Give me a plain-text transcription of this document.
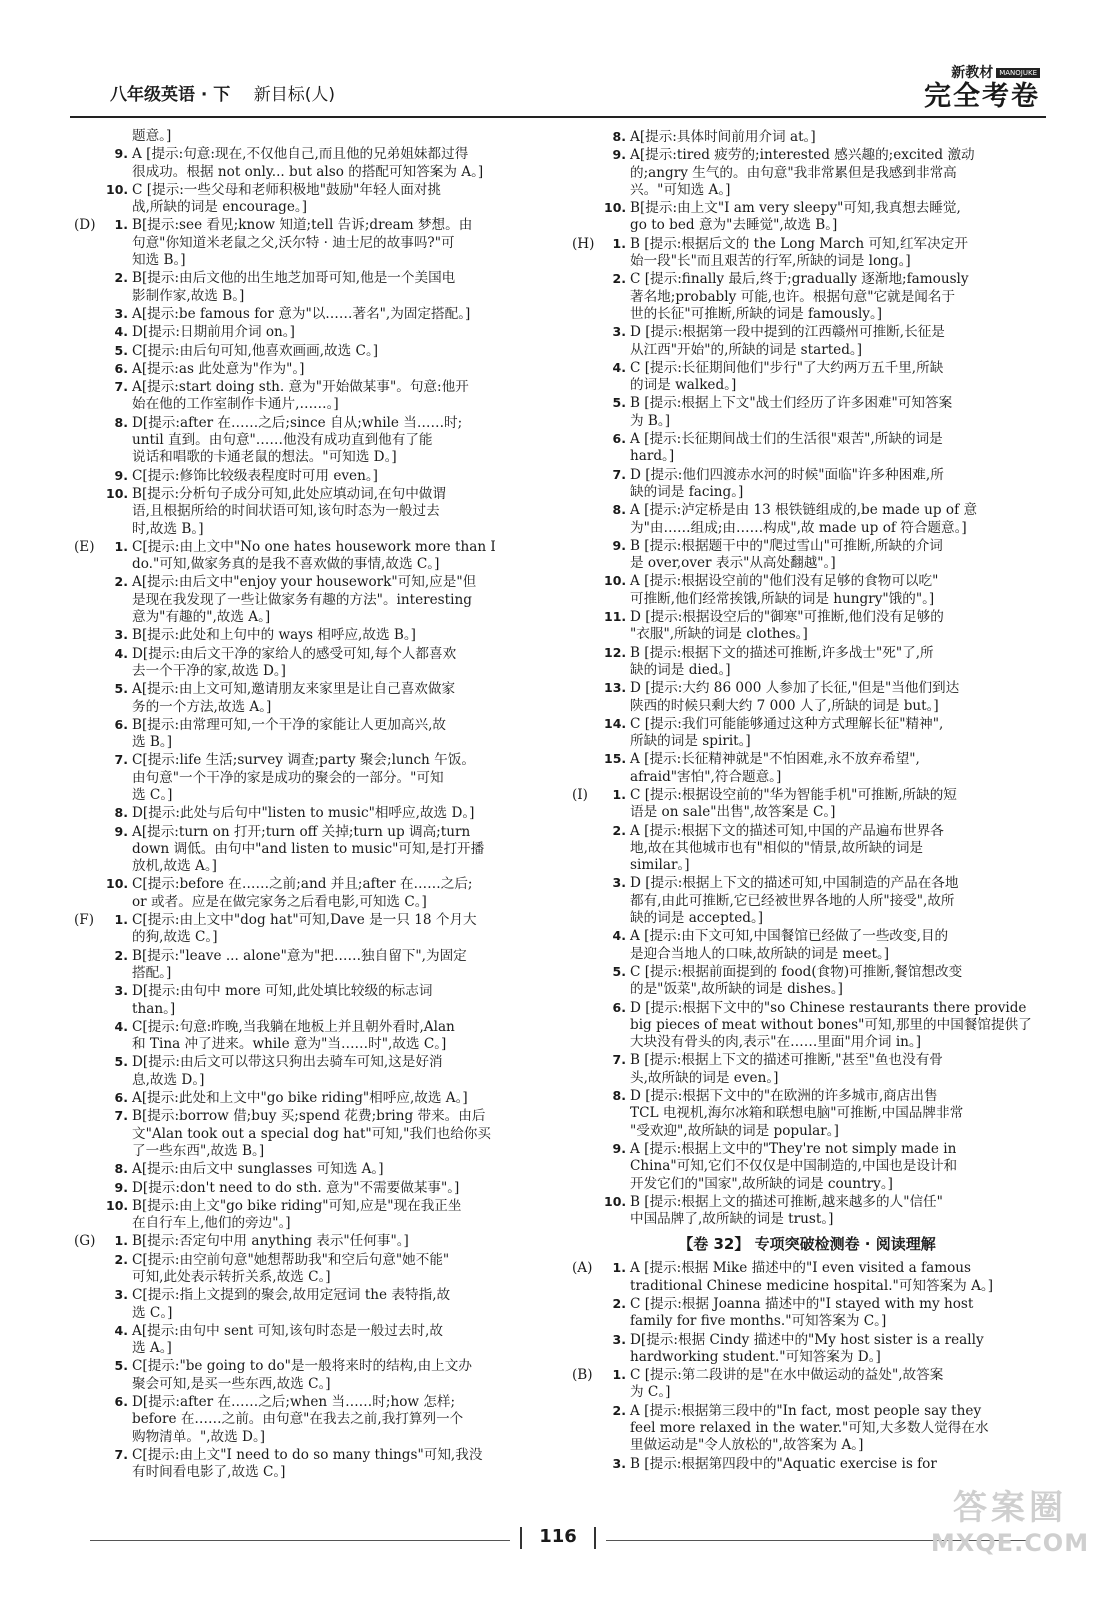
八年级英语 · 下 新目标(人)
新教材 MANOJUKE
完全考卷
题意。]
9. A [提示:句意:现在,不仅他自己,而且他的兄弟姐妹都过得
很成功。根据 not only... but also 的搭配可知答案为 A。]
10. C [提示:一些父母和老师积极地"鼓励"年轻人面对挑
战,所缺的词是 encourage。]
(D) 1. B[提示:see 看见;know 知道;tell 告诉;dream 梦想。由
句意"你知道米老鼠之父,沃尔特 · 迪士尼的故事吗?"可
知选 B。]
2. B[提示:由后文他的出生地芝加哥可知,他是一个美国电
影制作家,故选 B。]
3. A[提示:be famous for 意为"以……著名",为固定搭配。]
4. D[提示:日期前用介词 on。]
5. C[提示:由后句可知,他喜欢画画,故选 C。]
6. A[提示:as 此处意为"作为"。]
7. A[提示:start doing sth. 意为"开始做某事"。句意:他开
始在他的工作室制作卡通片,……。]
8. D[提示:after 在……之后;since 自从;while 当……时;
until 直到。由句意"……他没有成功直到他有了能
说话和唱歌的卡通老鼠的想法。"可知选 D。]
9. C[提示:修饰比较级表程度时可用 even。]
10. B[提示:分析句子成分可知,此处应填动词,在句中做谓
语,且根据所给的时间状语可知,该句时态为一般过去
时,故选 B。]
(E) 1. C[提示:由上文中"No one hates housework more than I
do."可知,做家务真的是我不喜欢做的事情,故选 C。]
2. A[提示:由后文中"enjoy your housework"可知,应是"但
是现在我发现了一些让做家务有趣的方法"。interesting
意为"有趣的",故选 A。]
3. B[提示:此处和上句中的 ways 相呼应,故选 B。]
4. D[提示:由后文干净的家给人的感受可知,每个人都喜欢
去一个干净的家,故选 D。]
5. A[提示:由上文可知,邀请朋友来家里是让自己喜欢做家
务的一个方法,故选 A。]
6. B[提示:由常理可知,一个干净的家能让人更加高兴,故
选 B。]
7. C[提示:life 生活;survey 调查;party 聚会;lunch 午饭。
由句意"一个干净的家是成功的聚会的一部分。"可知
选 C。]
8. D[提示:此处与后句中"listen to music"相呼应,故选 D。]
9. A[提示:turn on 打开;turn off 关掉;turn up 调高;turn
down 调低。由句中"and listen to music"可知,是打开播
放机,故选 A。]
10. C[提示:before 在……之前;and 并且;after 在……之后;
or 或者。应是在做完家务之后看电影,可知选 C。]
(F) 1. C[提示:由上文中"dog hat"可知,Dave 是一只 18 个月大
的狗,故选 C。]
2. B[提示:"leave ... alone"意为"把……独自留下",为固定
搭配。]
3. D[提示:由句中 more 可知,此处填比较级的标志词
than。]
4. C[提示:句意:昨晚,当我躺在地板上并且朝外看时,Alan
和 Tina 冲了进来。while 意为"当……时",故选 C。]
5. D[提示:由后文可以带这只狗出去骑车可知,这是好消
息,故选 D。]
6. A[提示:此处和上文中"go bike riding"相呼应,故选 A。]
7. B[提示:borrow 借;buy 买;spend 花费;bring 带来。由后
文"Alan took out a special dog hat"可知,"我们也给你买
了一些东西",故选 B。]
8. A[提示:由后文中 sunglasses 可知选 A。]
9. D[提示:don't need to do sth. 意为"不需要做某事"。]
10. B[提示:由上文"go bike riding"可知,应是"现在我正坐
在自行车上,他们的旁边"。]
(G) 1. B[提示:否定句中用 anything 表示"任何事"。]
2. C[提示:由空前句意"她想帮助我"和空后句意"她不能"
可知,此处表示转折关系,故选 C。]
3. C[提示:指上文提到的聚会,故用定冠词 the 表特指,故
选 C。]
4. A[提示:由句中 sent 可知,该句时态是一般过去时,故
选 A。]
5. C[提示:"be going to do"是一般将来时的结构,由上文办
聚会可知,是买一些东西,故选 C。]
6. D[提示:after 在……之后;when 当……时;how 怎样;
before 在……之前。由句意"在我去之前,我打算列一个
购物清单。",故选 D。]
7. C[提示:由上文"I need to do so many things"可知,我没
有时间看电影了,故选 C。]
8. A[提示:具体时间前用介词 at。]
9. A[提示:tired 疲劳的;interested 感兴趣的;excited 激动
的;angry 生气的。由句意"我非常累但是我感到非常高
兴。"可知选 A。]
10. B[提示:由上文"I am very sleepy"可知,我真想去睡觉,
go to bed 意为"去睡觉",故选 B。]
(H) 1. B [提示:根据后文的 the Long March 可知,红军决定开
始一段"长"而且艰苦的行军,所缺的词是 long。]
2. C [提示:finally 最后,终于;gradually 逐渐地;famously
著名地;probably 可能,也许。根据句意"它就是闻名于
世的长征"可推断,所缺的词是 famously。]
3. D [提示:根据第一段中提到的江西赣州可推断,长征是
从江西"开始"的,所缺的词是 started。]
4. C [提示:长征期间他们"步行"了大约两万五千里,所缺
的词是 walked。]
5. B [提示:根据上下文"战士们经历了许多困难"可知答案
为 B。]
6. A [提示:长征期间战士们的生活很"艰苦",所缺的词是
hard。]
7. D [提示:他们四渡赤水河的时候"面临"许多种困难,所
缺的词是 facing。]
8. A [提示:泸定桥是由 13 根铁链组成的,be made up of 意
为"由……组成;由……构成",故 made up of 符合题意。]
9. B [提示:根据题干中的"爬过雪山"可推断,所缺的介词
是 over,over 表示"从高处翻越"。]
10. A [提示:根据设空前的"他们没有足够的食物可以吃"
可推断,他们经常挨饿,所缺的词是 hungry"饿的"。]
11. D [提示:根据设空后的"御寒"可推断,他们没有足够的
"衣服",所缺的词是 clothes。]
12. B [提示:根据下文的描述可推断,许多战士"死"了,所
缺的词是 died。]
13. D [提示:大约 86 000 人参加了长征,"但是"当他们到达
陕西的时候只剩大约 7 000 人了,所缺的词是 but。]
14. C [提示:我们可能能够通过这种方式理解长征"精神",
所缺的词是 spirit。]
15. A [提示:长征精神就是"不怕困难,永不放弃希望",
afraid"害怕",符合题意。]
(I) 1. C [提示:根据设空前的"华为智能手机"可推断,所缺的短
语是 on sale"出售",故答案是 C。]
2. A [提示:根据下文的描述可知,中国的产品遍布世界各
地,故在其他城市也有"相似的"情景,故所缺的词是
similar。]
3. D [提示:根据上下文的描述可知,中国制造的产品在各地
都有,由此可推断,它已经被世界各地的人所"接受",故所
缺的词是 accepted。]
4. A [提示:由下文可知,中国餐馆已经做了一些改变,目的
是迎合当地人的口味,故所缺的词是 meet。]
5. C [提示:根据前面提到的 food(食物)可推断,餐馆想改变
的是"饭菜",故所缺的词是 dishes。]
6. D [提示:根据下文中的"so Chinese restaurants there provide
big pieces of meat without bones"可知,那里的中国餐馆提供了
大块没有骨头的肉,表示"在……里面"用介词 in。]
7. B [提示:根据上下文的描述可推断,"甚至"鱼也没有骨
头,故所缺的词是 even。]
8. D [提示:根据下文中的"在欧洲的许多城市,商店出售
TCL 电视机,海尔冰箱和联想电脑"可推断,中国品牌非常
"受欢迎",故所缺的词是 popular。]
9. A [提示:根据上文中的"They're not simply made in
China"可知,它们不仅仅是中国制造的,中国也是设计和
开发它们的"国家",故所缺的词是 country。]
10. B [提示:根据上文的描述可推断,越来越多的人"信任"
中国品牌了,故所缺的词是 trust。]
【卷 32】 专项突破检测卷 · 阅读理解
(A) 1. A [提示:根据 Mike 描述中的"I even visited a famous
traditional Chinese medicine hospital."可知答案为 A。]
2. C [提示:根据 Joanna 描述中的"I stayed with my host
family for five months."可知答案为 C。]
3. D[提示:根据 Cindy 描述中的"My host sister is a really
hardworking student."可知答案为 D。]
(B) 1. C [提示:第二段讲的是"在水中做运动的益处",故答案
为 C。]
2. A [提示:根据第三段中的"In fact, most people say they
feel more relaxed in the water."可知,大多数人觉得在水
里做运动是"令人放松的",故答案为 A。]
3. B [提示:根据第四段中的"Aquatic exercise is for
116
答案圈
MXQE.COM
